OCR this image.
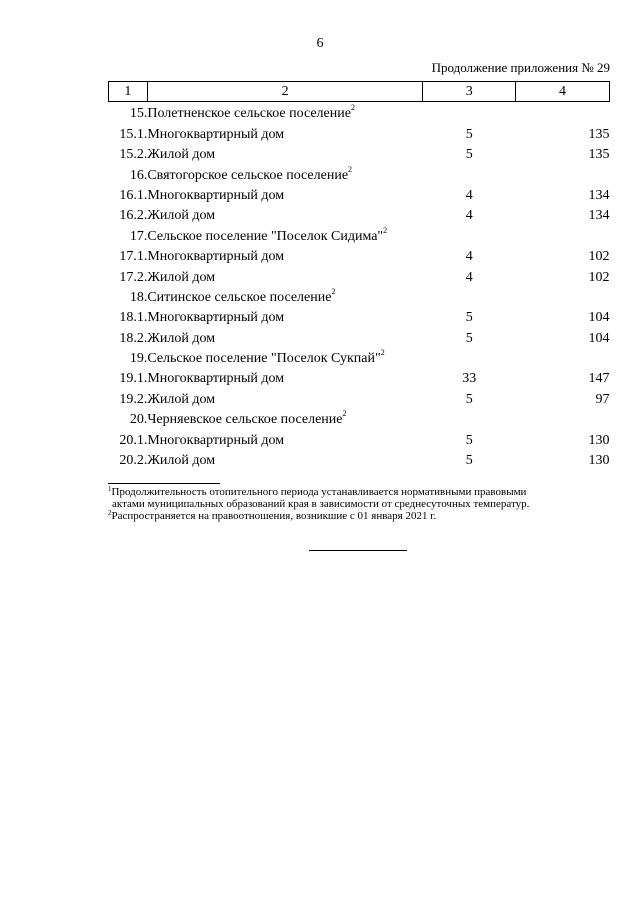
6
Продолжение приложения № 29
1	2	3	4
15.	Полетненское сельское поселение$^2$		
15.1.	Многоквартирный дом	5	135
15.2.	Жилой дом	5	135
16.	Святогорское сельское поселение$^2$		
16.1.	Многоквартирный дом	4	134
16.2.	Жилой дом	4	134
17.	Сельское поселение "Поселок Сидима"$^2$		
17.1.	Многоквартирный дом	4	102
17.2.	Жилой дом	4	102
18.	Ситинское сельское поселение$^2$		
18.1.	Многоквартирный дом	5	104
18.2.	Жилой дом	5	104
19.	Сельское поселение "Поселок Сукпай"$^2$		
19.1.	Многоквартирный дом	33	147
19.2.	Жилой дом	5	97
20.	Черняевское сельское поселение$^2$		
20.1.	Многоквартирный дом	5	130
20.2.	Жилой дом	5	130
$^1$Продолжительность отопительного периода устанавливается нормативными правовыми
актами муниципальных образований края в зависимости от среднесуточных температур.
$^2$Распространяется на правоотношения, возникшие с 01 января 2021 г.
